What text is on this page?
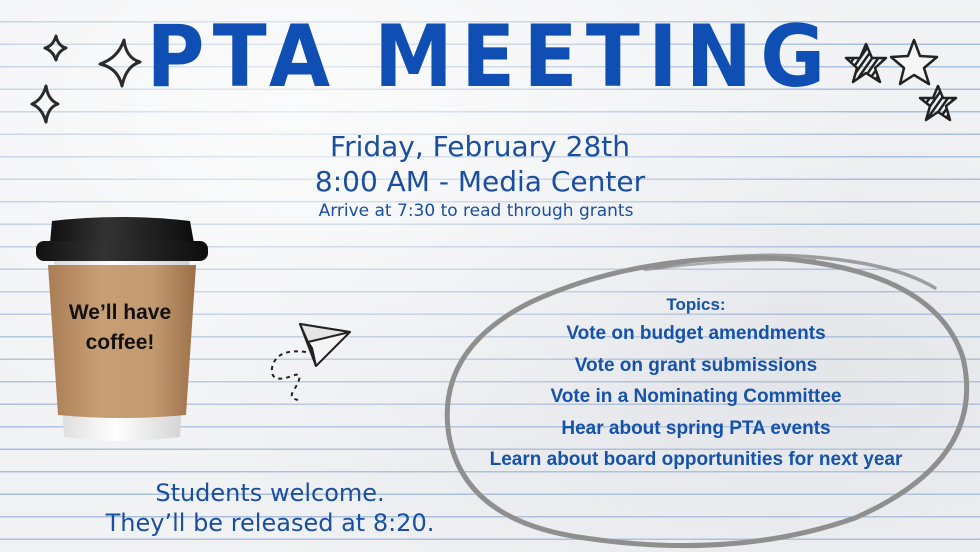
PTA MEETING
Friday, February 28th
8:00 AM - Media Center
Arrive at 7:30 to read through grants
We’ll have
coffee!
Topics:
Vote on budget amendments
Vote on grant submissions
Vote in a Nominating Committee
Hear about spring PTA events
Learn about board opportunities for next year
Students welcome.
They’ll be released at 8:20.
